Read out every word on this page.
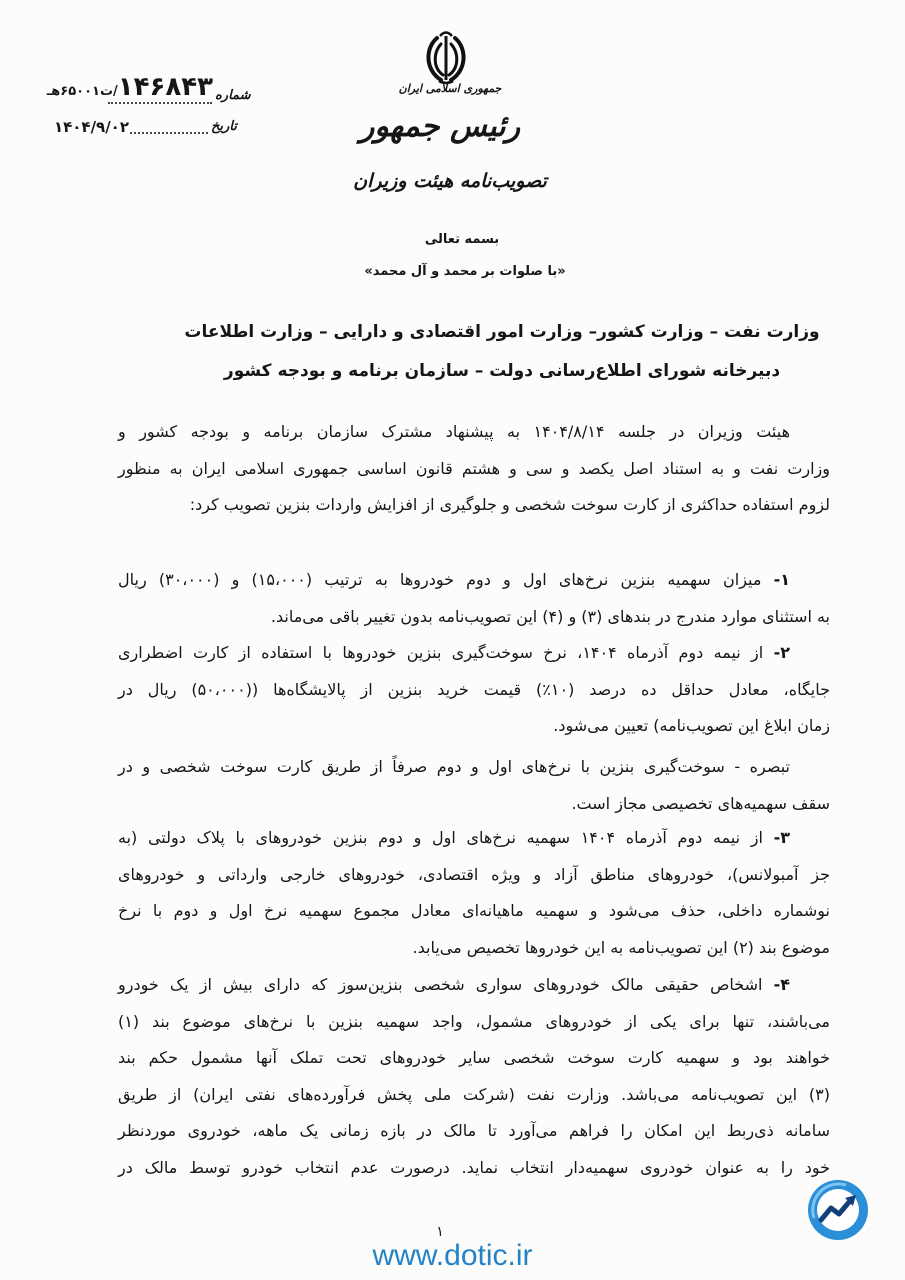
جمهوری اسلامی ایران
رئیس جمهور
تصویب‌نامه هیئت وزیران
شماره
۱۴۶۸۴۳/ت۶۵۰۰۱هـ
تاریخ
۱۴۰۴/۹/۰۲
بسمه تعالی
«با صلوات بر محمد و آل محمد»
وزارت نفت – وزارت کشور– وزارت امور اقتصادی و دارایی – وزارت اطلاعات
دبیرخانه شورای اطلاع‌رسانی دولت – سازمان برنامه و بودجه کشور
هیئت وزیران در جلسه ۱۴۰۴/۸/۱۴ به پیشنهاد مشترک سازمان برنامه و بودجه کشور و
وزارت نفت و به استناد اصل یکصد و سی و هشتم قانون اساسی جمهوری اسلامی ایران به منظور
لزوم استفاده حداکثری از کارت سوخت شخصی و جلوگیری از افزایش واردات بنزین تصویب کرد:
۱- میزان سهمیه بنزین نرخ‌های اول و دوم خودروها به ترتیب (۱۵،۰۰۰) و (۳۰،۰۰۰) ریال
به استثنای موارد مندرج در بندهای (۳) و (۴) این تصویب‌نامه بدون تغییر باقی می‌ماند.
۲- از نیمه دوم آذرماه ۱۴۰۴، نرخ سوخت‌گیری بنزین خودروها با استفاده از کارت اضطراری
جایگاه، معادل حداقل ده درصد (۱۰٪) قیمت خرید بنزین از پالایشگاه‌ها ((۵۰،۰۰۰) ریال در
زمان ابلاغ این تصویب‌نامه) تعیین می‌شود.
تبصره - سوخت‌گیری بنزین با نرخ‌های اول و دوم صرفاً از طریق کارت سوخت شخصی و در
سقف سهمیه‌های تخصیصی مجاز است.
۳- از نیمه دوم آذرماه ۱۴۰۴ سهمیه نرخ‌های اول و دوم بنزین خودروهای با پلاک دولتی (به
جز آمبولانس)، خودروهای مناطق آزاد و ویژه اقتصادی، خودروهای خارجی وارداتی و خودروهای
نوشماره داخلی، حذف می‌شود و سهمیه ماهیانه‌ای معادل مجموع سهمیه نرخ اول و دوم با نرخ
موضوع بند (۲) این تصویب‌نامه به این خودروها تخصیص می‌یابد.
۴- اشخاص حقیقی مالک خودروهای سواری شخصی بنزین‌سوز که دارای بیش از یک خودرو
می‌باشند، تنها برای یکی از خودروهای مشمول، واجد سهمیه بنزین با نرخ‌های موضوع بند (۱)
خواهند بود و سهمیه کارت سوخت شخصی سایر خودروهای تحت تملک آنها مشمول حکم بند
(۳) این تصویب‌نامه می‌باشد. وزارت نفت (شرکت ملی پخش فرآورده‌های نفتی ایران) از طریق
سامانه ذی‌ربط این امکان را فراهم می‌آورد تا مالک در بازه زمانی یک ماهه، خودروی موردنظر
خود را به عنوان خودروی سهمیه‌دار انتخاب نماید. درصورت عدم انتخاب خودرو توسط مالک در
۱
www.dotic.ir
